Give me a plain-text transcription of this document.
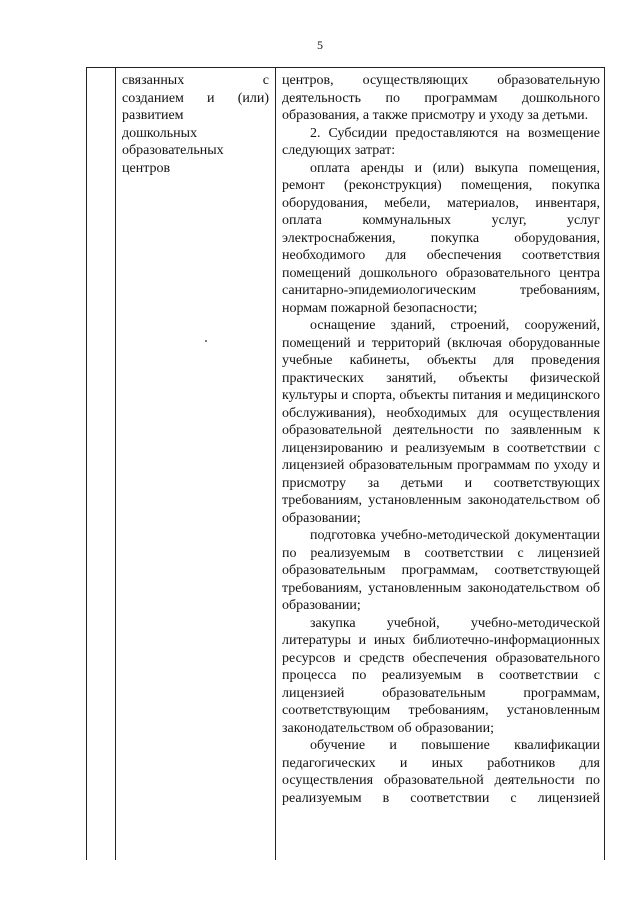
5
связанных с
созданием и (или)
развитием
дошкольных
образовательных
центров

центров, осуществляющих образовательную деятельность по программам дошкольного образования, а также присмотру и уходу за детьми.

2. Субсидии предоставляются на возмещение следующих затрат:

оплата аренды и (или) выкупа помещения, ремонт (реконструкция) помещения, покупка оборудования, мебели, материалов, инвентаря, оплата коммунальных услуг, услуг электроснабжения, покупка оборудования, необходимого для обеспечения соответствия помещений дошкольного образовательного центра санитарно-эпидемиологическим требованиям, нормам пожарной безопасности;

оснащение зданий, строений, сооружений, помещений и территорий (включая оборудованные учебные кабинеты, объекты для проведения практических занятий, объекты физической культуры и спорта, объекты питания и медицинского обслуживания), необходимых для осуществления образовательной деятельности по заявленным к лицензированию и реализуемым в соответствии с лицензией образовательным программам по уходу и присмотру за детьми и соответствующих требованиям, установленным законодательством об образовании;

подготовка учебно-методической документации по реализуемым в соответствии с лицензией образовательным программам, соответствующей требованиям, установленным законодательством об образовании;

закупка учебной, учебно-методической литературы и иных библиотечно-информационных ресурсов и средств обеспечения образовательного процесса по реализуемым в соответствии с лицензией образовательным программам, соответствующим требованиям, установленным законодательством об образовании;

обучение и повышение квалификации педагогических и иных работников для осуществления образовательной деятельности по реализуемым в соответствии с лицензией
